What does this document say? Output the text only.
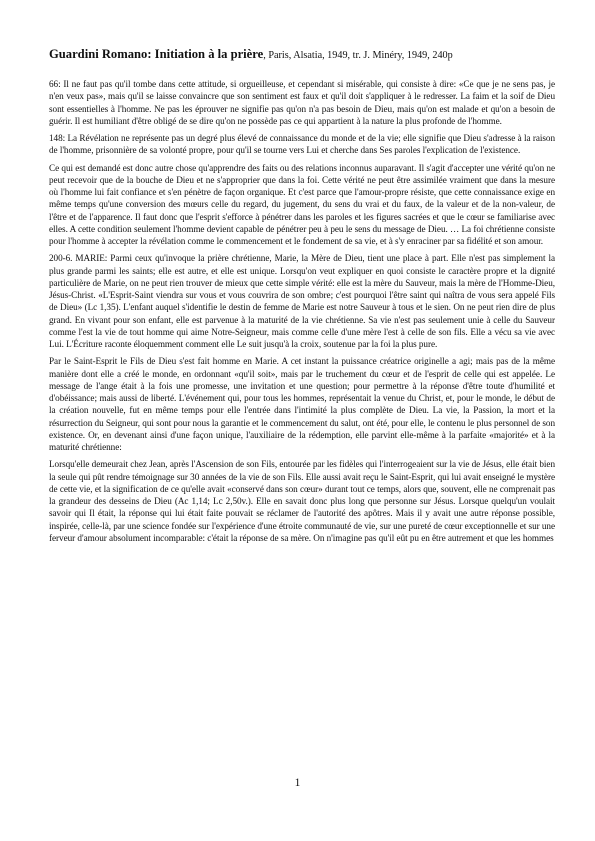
Guardini Romano: Initiation à la prière, Paris, Alsatia, 1949, tr. J. Minéry, 1949, 240p

66: Il ne faut pas qu'il tombe dans cette attitude, si orgueilleuse, et cependant si misérable, qui consiste à dire: «Ce que je ne sens pas, je n'en veux pas», mais qu'il se laisse convaincre que son sentiment est faux et qu'il doit s'appliquer à le redresser. La faim et la soif de Dieu sont essentielles à l'homme. Ne pas les éprouver ne signifie pas qu'on n'a pas besoin de Dieu, mais qu'on est malade et qu'on a besoin de guérir. Il est humiliant d'être obligé de se dire qu'on ne possède pas ce qui appartient à la nature la plus profonde de l'homme.

148: La Révélation ne représente pas un degré plus élevé de connaissance du monde et de la vie; elle signifie que Dieu s'adresse à la raison de l'homme, prisonnière de sa volonté propre, pour qu'il se tourne vers Lui et cherche dans Ses paroles l'explication de l'existence.

Ce qui est demandé est donc autre chose qu'apprendre des faits ou des relations inconnus auparavant. Il s'agit d'accepter une vérité qu'on ne peut recevoir que de la bouche de Dieu et ne s'approprier que dans la foi. Cette vérité ne peut être assimilée vraiment que dans la mesure où l'homme lui fait confiance et s'en pénètre de façon organique. Et c'est parce que l'amour-propre résiste, que cette connaissance exige en même temps qu'une conversion des mœurs celle du regard, du jugement, du sens du vrai et du faux, de la valeur et de la non-valeur, de l'être et de l'apparence. Il faut donc que l'esprit s'efforce à pénétrer dans les paroles et les figures sacrées et que le cœur se familiarise avec elles. A cette condition seulement l'homme devient capable de pénétrer peu à peu le sens du message de Dieu. … La foi chrétienne consiste pour l'homme à accepter la révélation comme le commencement et le fondement de sa vie, et à s'y enraciner par sa fidélité et son amour.

200-6. MARIE: Parmi ceux qu'invoque la prière chrétienne, Marie, la Mère de Dieu, tient une place à part. Elle n'est pas simplement la plus grande parmi les saints; elle est autre, et elle est unique. Lorsqu'on veut expliquer en quoi consiste le caractère propre et la dignité particulière de Marie, on ne peut rien trouver de mieux que cette simple vérité: elle est la mère du Sauveur, mais la mère de l'Homme-Dieu, Jésus-Christ. «L'Esprit-Saint viendra sur vous et vous couvrira de son ombre; c'est pourquoi l'être saint qui naîtra de vous sera appelé Fils de Dieu» (Lc 1,35). L'enfant auquel s'identifie le destin de femme de Marie est notre Sauveur à tous et le sien. On ne peut rien dire de plus grand. En vivant pour son enfant, elle est parvenue à la maturité de la vie chrétienne. Sa vie n'est pas seulement unie à celle du Sauveur comme l'est la vie de tout homme qui aime Notre-Seigneur, mais comme celle d'une mère l'est à celle de son fils. Elle a vécu sa vie avec Lui. L'Écriture raconte éloquemment comment elle Le suit jusqu'à la croix, soutenue par la foi la plus pure.

Par le Saint-Esprit le Fils de Dieu s'est fait homme en Marie. A cet instant la puissance créatrice originelle a agi; mais pas de la même manière dont elle a créé le monde, en ordonnant «qu'il soit», mais par le truchement du cœur et de l'esprit de celle qui est appelée. Le message de l'ange était à la fois une promesse, une invitation et une question; pour permettre à la réponse d'être toute d'humilité et d'obéissance; mais aussi de liberté. L'événement qui, pour tous les hommes, représentait la venue du Christ, et, pour le monde, le début de la création nouvelle, fut en même temps pour elle l'entrée dans l'intimité la plus complète de Dieu. La vie, la Passion, la mort et la résurrection du Seigneur, qui sont pour nous la garantie et le commencement du salut, ont été, pour elle, le contenu le plus personnel de son existence. Or, en devenant ainsi d'une façon unique, l'auxiliaire de la rédemption, elle parvint elle-même à la parfaite «majorité» et à la maturité chrétienne:

Lorsqu'elle demeurait chez Jean, après l'Ascension de son Fils, entourée par les fidèles qui l'interrogeaient sur la vie de Jésus, elle était bien la seule qui pût rendre témoignage sur 30 années de la vie de son Fils. Elle aussi avait reçu le Saint-Esprit, qui lui avait enseigné le mystère de cette vie, et la signification de ce qu'elle avait «conservé dans son cœur» durant tout ce temps, alors que, souvent, elle ne comprenait pas la grandeur des desseins de Dieu (Ac 1,14; Lc 2,50v.). Elle en savait donc plus long que personne sur Jésus. Lorsque quelqu'un voulait savoir qui Il était, la réponse qui lui était faite pouvait se réclamer de l'autorité des apôtres. Mais il y avait une autre réponse possible, inspirée, celle-là, par une science fondée sur l'expérience d'une étroite communauté de vie, sur une pureté de cœur exceptionnelle et sur une ferveur d'amour absolument incomparable: c'était la réponse de sa mère. On n'imagine pas qu'il eût pu en être autrement et que les hommes

1
